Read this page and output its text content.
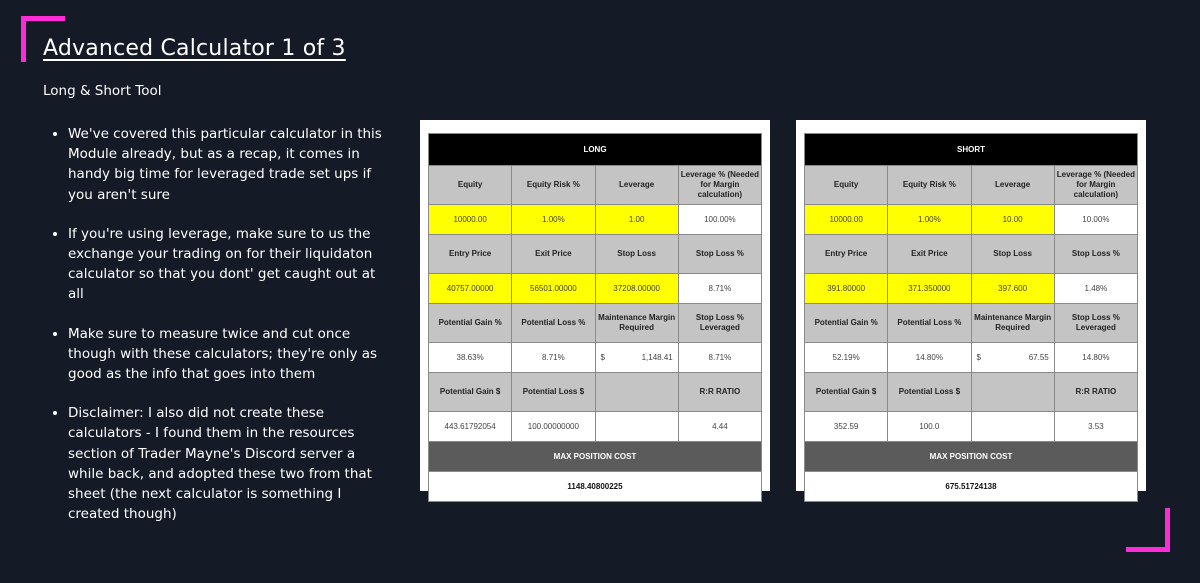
Advanced Calculator 1 of 3
Long & Short Tool
• We've covered this particular calculator in this Module already, but as a recap, it comes in handy big time for leveraged trade set ups if you aren't sure
• If you're using leverage, make sure to us the exchange your trading on for their liquidaton calculator so that you dont' get caught out at all
• Make sure to measure twice and cut once though with these calculators; they're only as good as the info that goes into them
• Disclaimer: I also did not create these calculators - I found them in the resources section of Trader Mayne's Discord server a while back, and adopted these two from that sheet (the next calculator is something I created though)
LONG			
Equity	Equity Risk %	Leverage	Leverage % (Needed for Margin calculation)
10000.00	1.00%	1.00	100.00%
Entry Price	Exit Price	Stop Loss	Stop Loss %
40757.00000	56501.00000	37208.00000	8.71%
Potential Gain %	Potential Loss %	Maintenance Margin Required	Stop Loss % Leveraged
38.63%	8.71%	$ 1,148.41	8.71%
Potential Gain $	Potential Loss $		R:R RATIO
443.61792054	100.00000000		4.44
MAX POSITION COST			
1148.40800225			
SHORT			
Equity	Equity Risk %	Leverage	Leverage % (Needed for Margin calculation)
10000.00	1.00%	10.00	10.00%
Entry Price	Exit Price	Stop Loss	Stop Loss %
391.80000	371.350000	397.600	1.48%
Potential Gain %	Potential Loss %	Maintenance Margin Required	Stop Loss % Leveraged
52.19%	14.80%	$ 67.55	14.80%
Potential Gain $	Potential Loss $		R:R RATIO
352.59	100.0		3.53
MAX POSITION COST			
675.51724138			
